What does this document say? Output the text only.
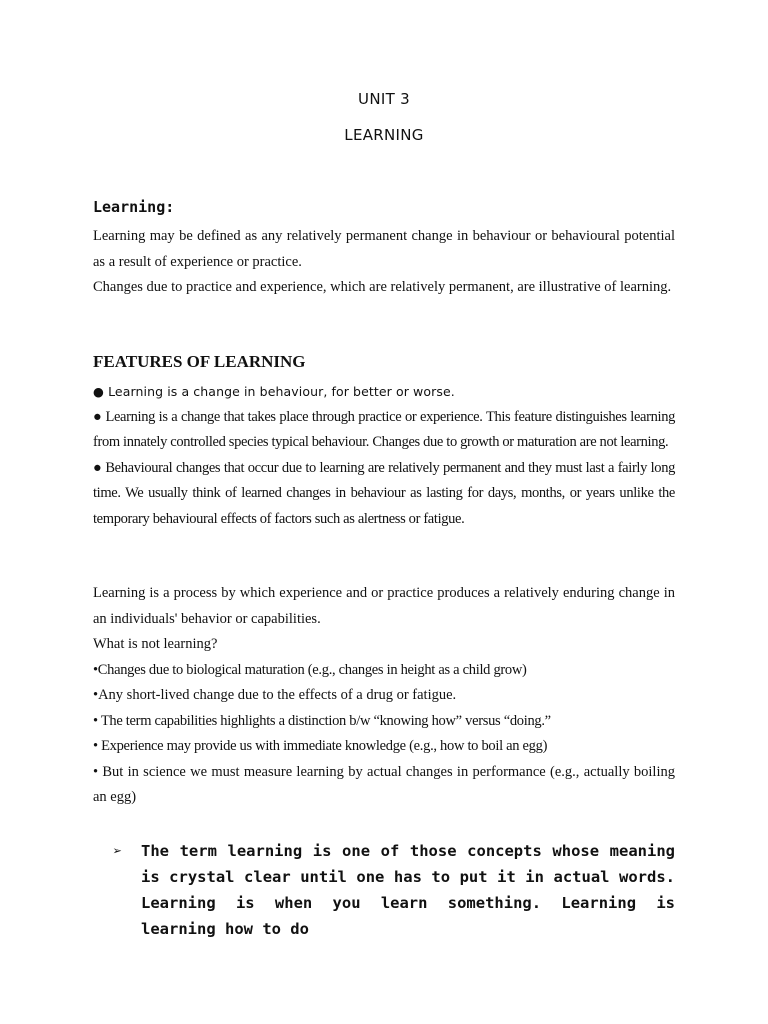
UNIT 3
LEARNING
Learning:

Learning may be defined as any relatively permanent change in behaviour or behavioural potential as a result of experience or practice.

Changes due to practice and experience, which are relatively permanent, are illustrative of learning.

FEATURES OF LEARNING

● Learning is a change in behaviour, for better or worse.

● Learning is a change that takes place through practice or experience. This feature distinguishes learning from innately controlled species typical behaviour. Changes due to growth or maturation are not learning.

● Behavioural changes that occur due to learning are relatively permanent and they must last a fairly long time. We usually think of learned changes in behaviour as lasting for days, months, or years unlike the temporary behavioural effects of factors such as alertness or fatigue.

Learning is a process by which experience and or practice produces a relatively enduring change in an individuals' behavior or capabilities.

What is not learning?

•Changes due to biological maturation (e.g., changes in height as a child grow)

•Any short-lived change due to the effects of a drug or fatigue.

• The term capabilities highlights a distinction b/w “knowing how” versus “doing.”

• Experience may provide us with immediate knowledge (e.g., how to boil an egg)

• But in science we must measure learning by actual changes in performance (e.g., actually boiling an egg)

➢ The term learning is one of those concepts whose meaning is crystal clear until one has to put it in actual words. Learning is when you learn something. Learning is learning how to do
